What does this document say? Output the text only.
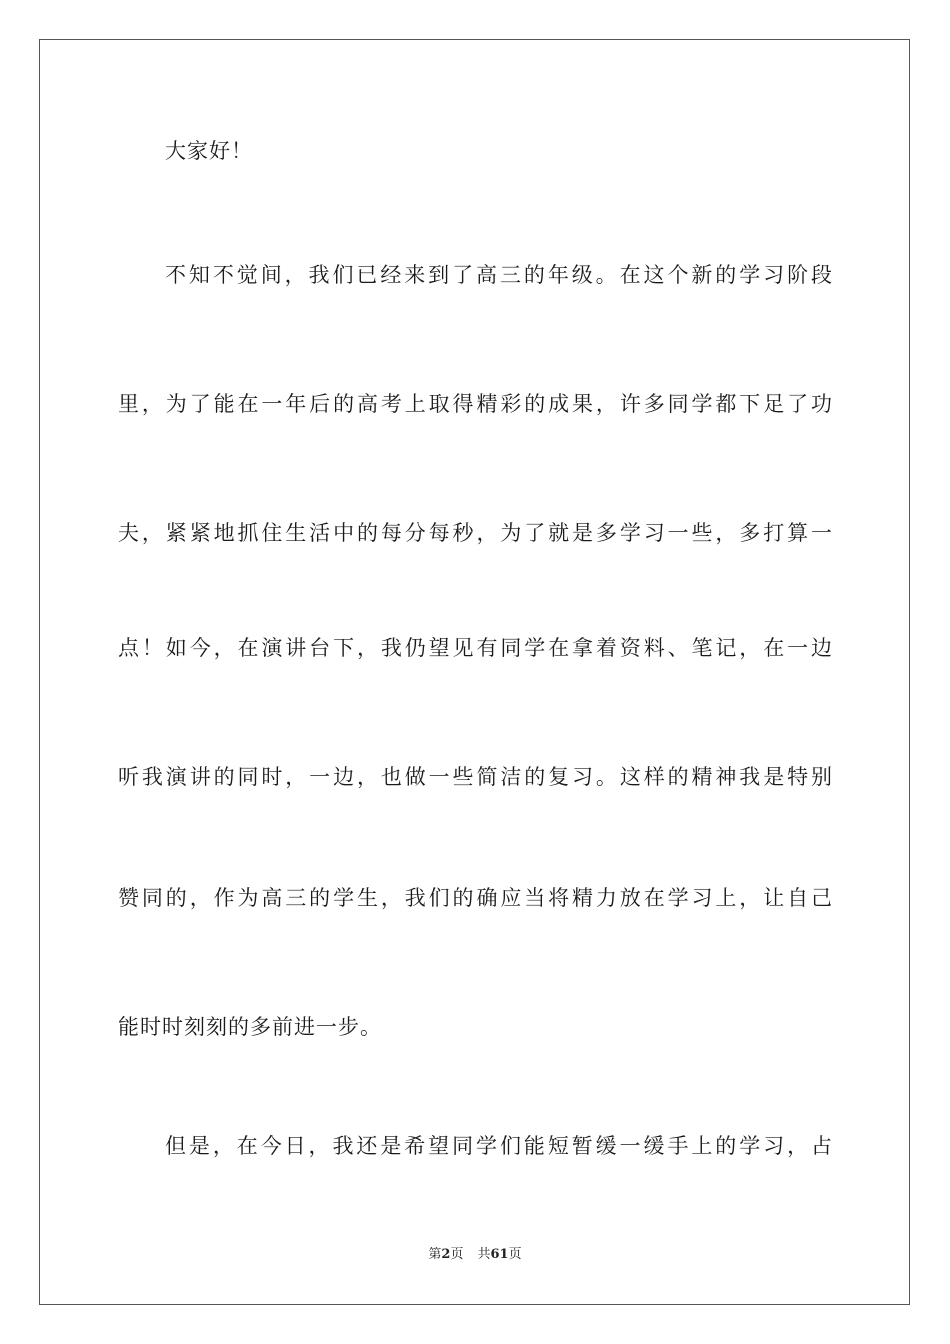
大家好！
不知不觉间，我们已经来到了高三的年级。在这个新的学习阶段
里，为了能在一年后的高考上取得精彩的成果，许多同学都下足了功
夫，紧紧地抓住生活中的每分每秒，为了就是多学习一些，多打算一
点！如今，在演讲台下，我仍望见有同学在拿着资料、笔记，在一边
听我演讲的同时，一边，也做一些简洁的复习。这样的精神我是特别
赞同的，作为高三的学生，我们的确应当将精力放在学习上，让自己
能时时刻刻的多前进一步。
但是，在今日，我还是希望同学们能短暂缓一缓手上的学习，占
第2页 共61页
